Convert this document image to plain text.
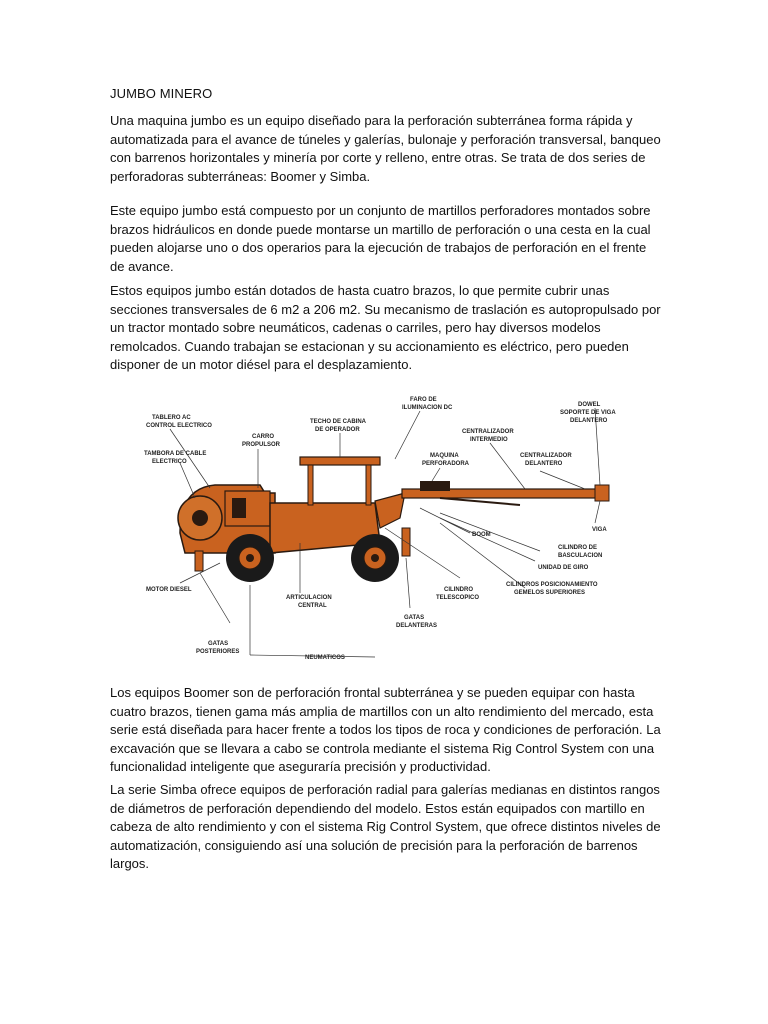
JUMBO MINERO

Una maquina jumbo es un equipo diseñado para la perforación subterránea forma rápida y automatizada para el avance de túneles y galerías, bulonaje y perforación transversal, banqueo con barrenos horizontales y minería por corte y relleno, entre otras. Se trata de dos series de perforadoras subterráneas: Boomer y Simba.

Este equipo jumbo está compuesto por un conjunto de martillos perforadores montados sobre brazos hidráulicos en donde puede montarse un martillo de perforación o una cesta en la cual pueden alojarse uno o dos operarios para la ejecución de trabajos de perforación en el frente de avance.

Estos equipos jumbo están dotados de hasta cuatro brazos, lo que permite cubrir unas secciones transversales de 6 m2 a 206 m2. Su mecanismo de traslación es autopropulsado por un tractor montado sobre neumáticos, cadenas o carriles, pero hay diversos modelos remolcados. Cuando trabajan se estacionan y su accionamiento es eléctrico, pero pueden disponer de un motor diésel para el desplazamiento.

TABLERO AC
CONTROL ELECTRICO
CARRO
PROPULSOR
TECHO DE CABINA
DE OPERADOR
FARO DE
ILUMINACION DC	DOWEL
SOPORTE DE VIGA
DELANTERO
CENTRALIZADOR
INTERMEDIO
CENTRALIZADOR
DELANTERO
MAQUINA
PERFORADORA
TAMBORA DE CABLE
ELECTRICO
VIGA
BOOM
CILINDRO DE
BASCULACION
UNIDAD DE GIRO
CILINDROS POSICIONAMIENTO
GEMELOS SUPERIORES
MOTOR DIESEL
ARTICULACION
CENTRAL
CILINDRO
TELESCOPICO
GATAS
POSTERIORES
GATAS
DELANTERAS
NEUMATICOS

Los equipos Boomer son de perforación frontal subterránea y se pueden equipar con hasta cuatro brazos, tienen gama más amplia de martillos con un alto rendimiento del mercado, esta serie está diseñada para hacer frente a todos los tipos de roca y condiciones de perforación. La excavación que se llevara a cabo se controla mediante el sistema Rig Control System con una funcionalidad inteligente que aseguraría precisión y productividad.

La serie Simba ofrece equipos de perforación radial para galerías medianas en distintos rangos de diámetros de perforación dependiendo del modelo. Estos están equipados con martillo en cabeza de alto rendimiento y con el sistema Rig Control System, que ofrece distintos niveles de automatización, consiguiendo así una solución de precisión para la perforación de barrenos largos.
